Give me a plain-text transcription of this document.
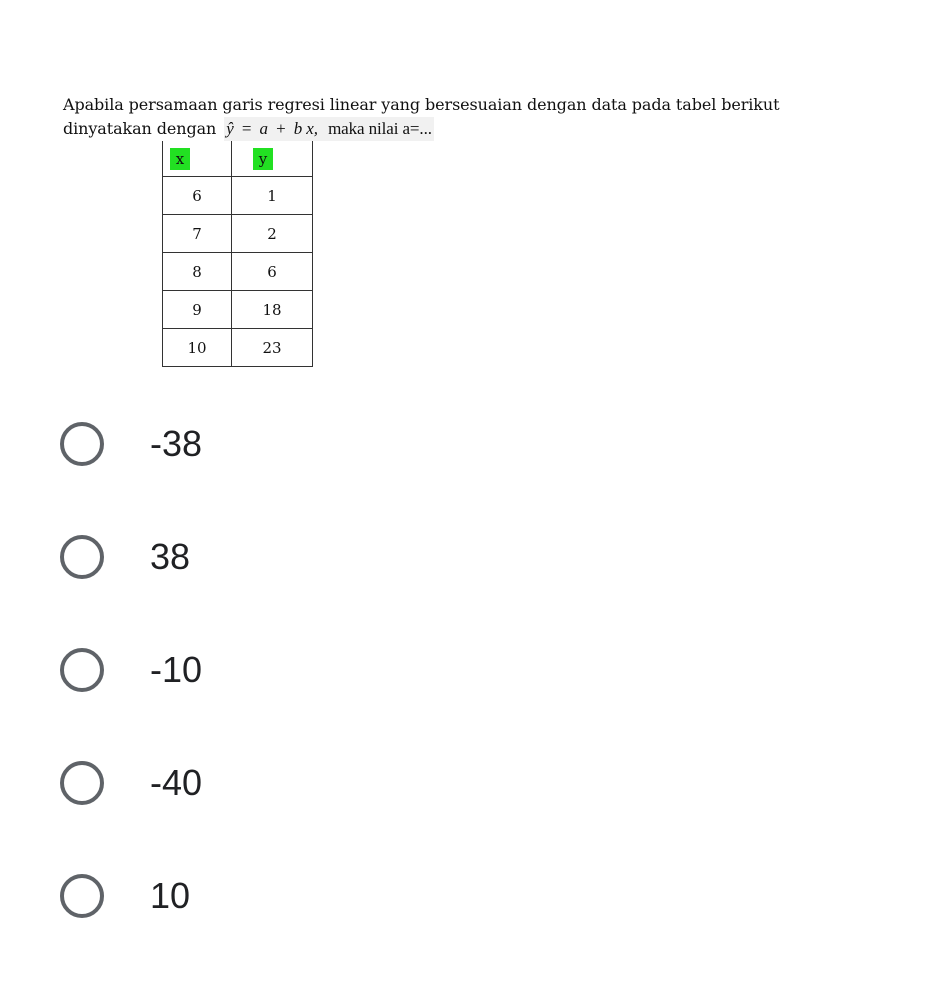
Apabila persamaan garis regresi linear yang bersesuaian dengan data pada tabel berikut
dinyatakan dengan ŷ = a + b x, maka nilai a=...
x	y
6	1
7	2
8	6
9	18
10	23
-38
38
-10
-40
10
